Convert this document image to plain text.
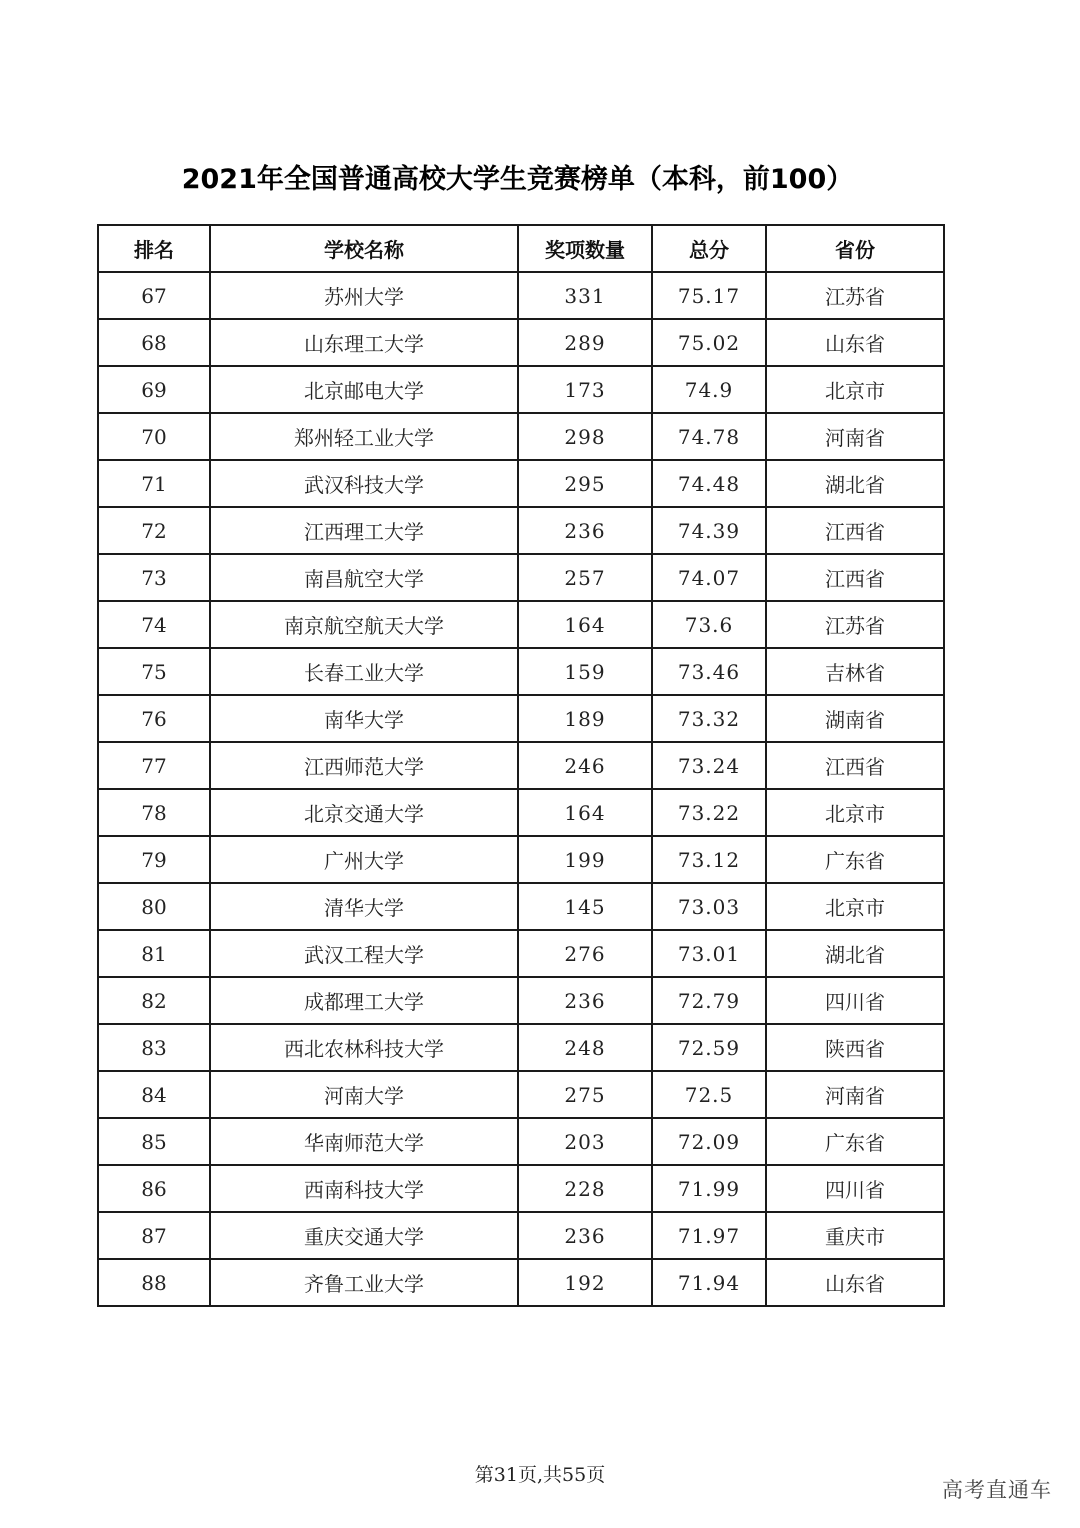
2021年全国普通高校大学生竞赛榜单（本科，前100）
排名	学校名称	奖项数量	总分	省份
67	苏州大学	331	75.17	江苏省
68	山东理工大学	289	75.02	山东省
69	北京邮电大学	173	74.9	北京市
70	郑州轻工业大学	298	74.78	河南省
71	武汉科技大学	295	74.48	湖北省
72	江西理工大学	236	74.39	江西省
73	南昌航空大学	257	74.07	江西省
74	南京航空航天大学	164	73.6	江苏省
75	长春工业大学	159	73.46	吉林省
76	南华大学	189	73.32	湖南省
77	江西师范大学	246	73.24	江西省
78	北京交通大学	164	73.22	北京市
79	广州大学	199	73.12	广东省
80	清华大学	145	73.03	北京市
81	武汉工程大学	276	73.01	湖北省
82	成都理工大学	236	72.79	四川省
83	西北农林科技大学	248	72.59	陕西省
84	河南大学	275	72.5	河南省
85	华南师范大学	203	72.09	广东省
86	西南科技大学	228	71.99	四川省
87	重庆交通大学	236	71.97	重庆市
88	齐鲁工业大学	192	71.94	山东省
第31页,共55页
高考直通车
